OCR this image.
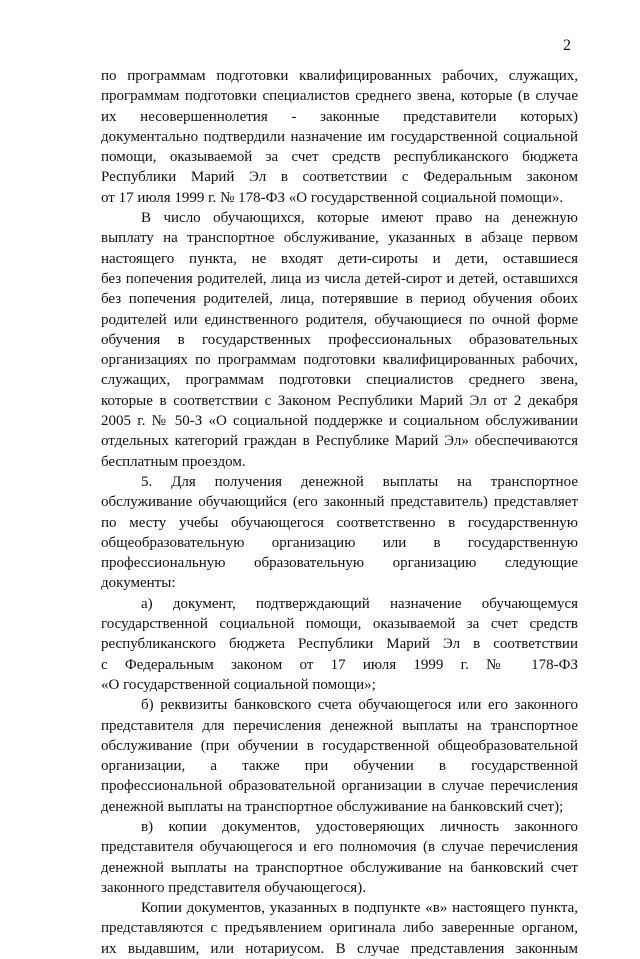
2
по программам подготовки квалифицированных рабочих, служащих,
программам подготовки специалистов среднего звена, которые (в случае
их несовершеннолетия - законные представители которых)
документально подтвердили назначение им государственной социальной
помощи, оказываемой за счет средств республиканского бюджета
Республики Марий Эл в соответствии с Федеральным законом
от 17 июля 1999 г. № 178-ФЗ «О государственной социальной помощи».
В число обучающихся, которые имеют право на денежную
выплату на транспортное обслуживание, указанных в абзаце первом
настоящего пункта, не входят дети-сироты и дети, оставшиеся
без попечения родителей, лица из числа детей-сирот и детей, оставшихся
без попечения родителей, лица, потерявшие в период обучения обоих
родителей или единственного родителя, обучающиеся по очной форме
обучения в государственных профессиональных образовательных
организациях по программам подготовки квалифицированных рабочих,
служащих, программам подготовки специалистов среднего звена,
которые в соответствии с Законом Республики Марий Эл от 2 декабря
2005 г. № 50-З «О социальной поддержке и социальном обслуживании
отдельных категорий граждан в Республике Марий Эл» обеспечиваются
бесплатным проездом.
5. Для получения денежной выплаты на транспортное
обслуживание обучающийся (его законный представитель) представляет
по месту учебы обучающегося соответственно в государственную
общеобразовательную организацию или в государственную
профессиональную образовательную организацию следующие
документы:
а) документ, подтверждающий назначение обучающемуся
государственной социальной помощи, оказываемой за счет средств
республиканского бюджета Республики Марий Эл в соответствии
с Федеральным законом от 17 июля 1999 г. № 178-ФЗ
«О государственной социальной помощи»;
б) реквизиты банковского счета обучающегося или его законного
представителя для перечисления денежной выплаты на транспортное
обслуживание (при обучении в государственной общеобразовательной
организации, а также при обучении в государственной
профессиональной образовательной организации в случае перечисления
денежной выплаты на транспортное обслуживание на банковский счет);
в) копии документов, удостоверяющих личность законного
представителя обучающегося и его полномочия (в случае перечисления
денежной выплаты на транспортное обслуживание на банковский счет
законного представителя обучающегося).
Копии документов, указанных в подпункте «в» настоящего пункта,
представляются с предъявлением оригинала либо заверенные органом,
их выдавшим, или нотариусом. В случае представления законным
